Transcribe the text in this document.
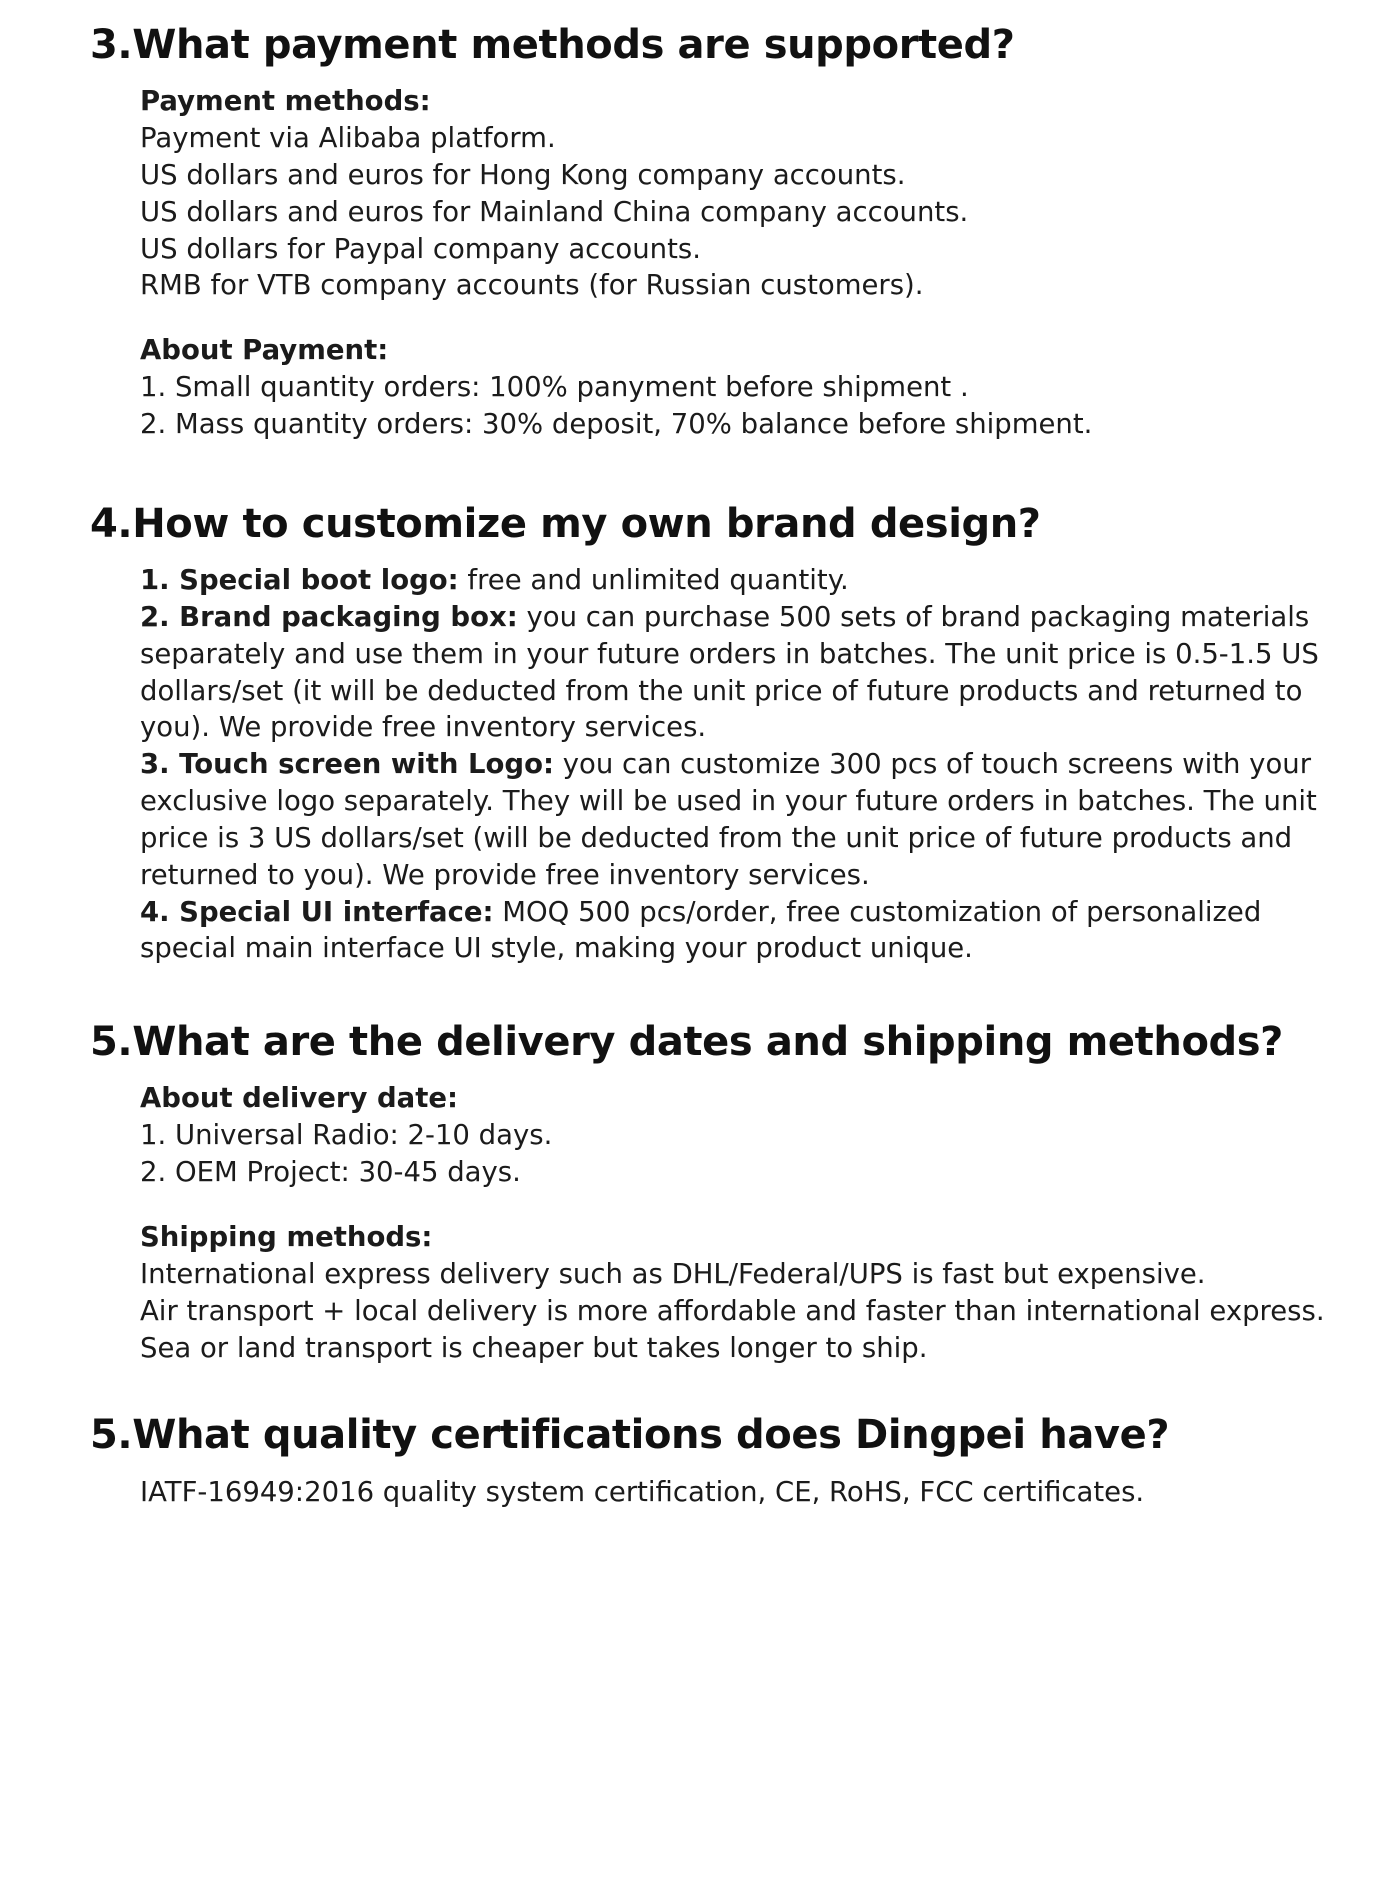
3.What payment methods are supported?

Payment methods:

Payment via Alibaba platform.

US dollars and euros for Hong Kong company accounts.

US dollars and euros for Mainland China company accounts.

US dollars for Paypal company accounts.

RMB for VTB company accounts (for Russian customers).

About Payment:

1. Small quantity orders: 100% panyment before shipment .

2. Mass quantity orders: 30% deposit, 70% balance before shipment.

4.How to customize my own brand design?

1. Special boot logo: free and unlimited quantity.

2. Brand packaging box: you can purchase 500 sets of brand packaging materials separately and use them in your future orders in batches. The unit price is 0.5-1.5 US dollars/set (it will be deducted from the unit price of future products and returned to you). We provide free inventory services.

3. Touch screen with Logo: you can customize 300 pcs of touch screens with your exclusive logo separately. They will be used in your future orders in batches. The unit price is 3 US dollars/set (will be deducted from the unit price of future products and returned to you). We provide free inventory services.

4. Special UI interface: MOQ 500 pcs/order, free customization of personalized special main interface UI style, making your product unique.

5.What are the delivery dates and shipping methods?

About delivery date:

1. Universal Radio: 2-10 days.

2. OEM Project: 30-45 days.

Shipping methods:

International express delivery such as DHL/Federal/UPS is fast but expensive.

Air transport + local delivery is more affordable and faster than international express.

Sea or land transport is cheaper but takes longer to ship.

5.What quality certifications does Dingpei have?

IATF-16949:2016 quality system certification, CE, RoHS, FCC certificates.
